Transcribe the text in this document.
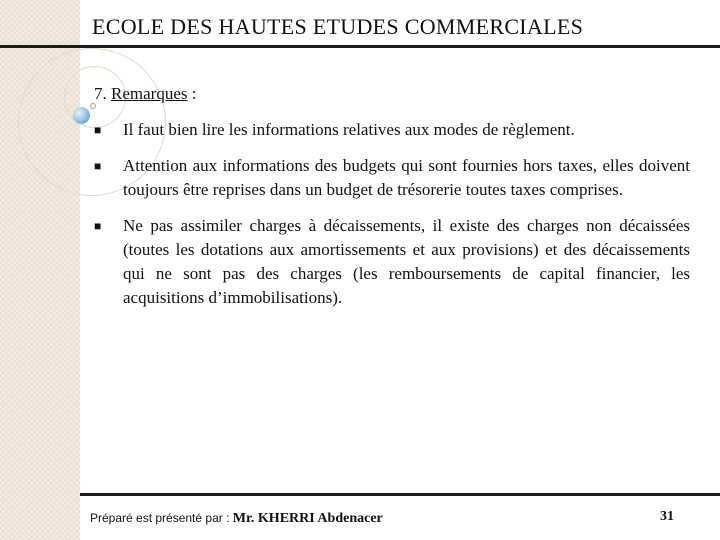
ECOLE DES HAUTES ETUDES COMMERCIALES
7. Remarques :
■	Il faut bien lire les informations relatives aux modes de règlement.
■	Attention aux informations des budgets qui sont fournies hors taxes, elles doivent toujours être reprises dans un budget de trésorerie toutes taxes comprises.
■	Ne pas assimiler charges à décaissements, il existe des charges non décaissées (toutes les dotations aux amortissements et aux provisions) et des décaissements qui ne sont pas des charges (les remboursements de capital financier, les acquisitions d’immobilisations).
Préparé est présenté par : Mr. KHERRI Abdenacer	31
